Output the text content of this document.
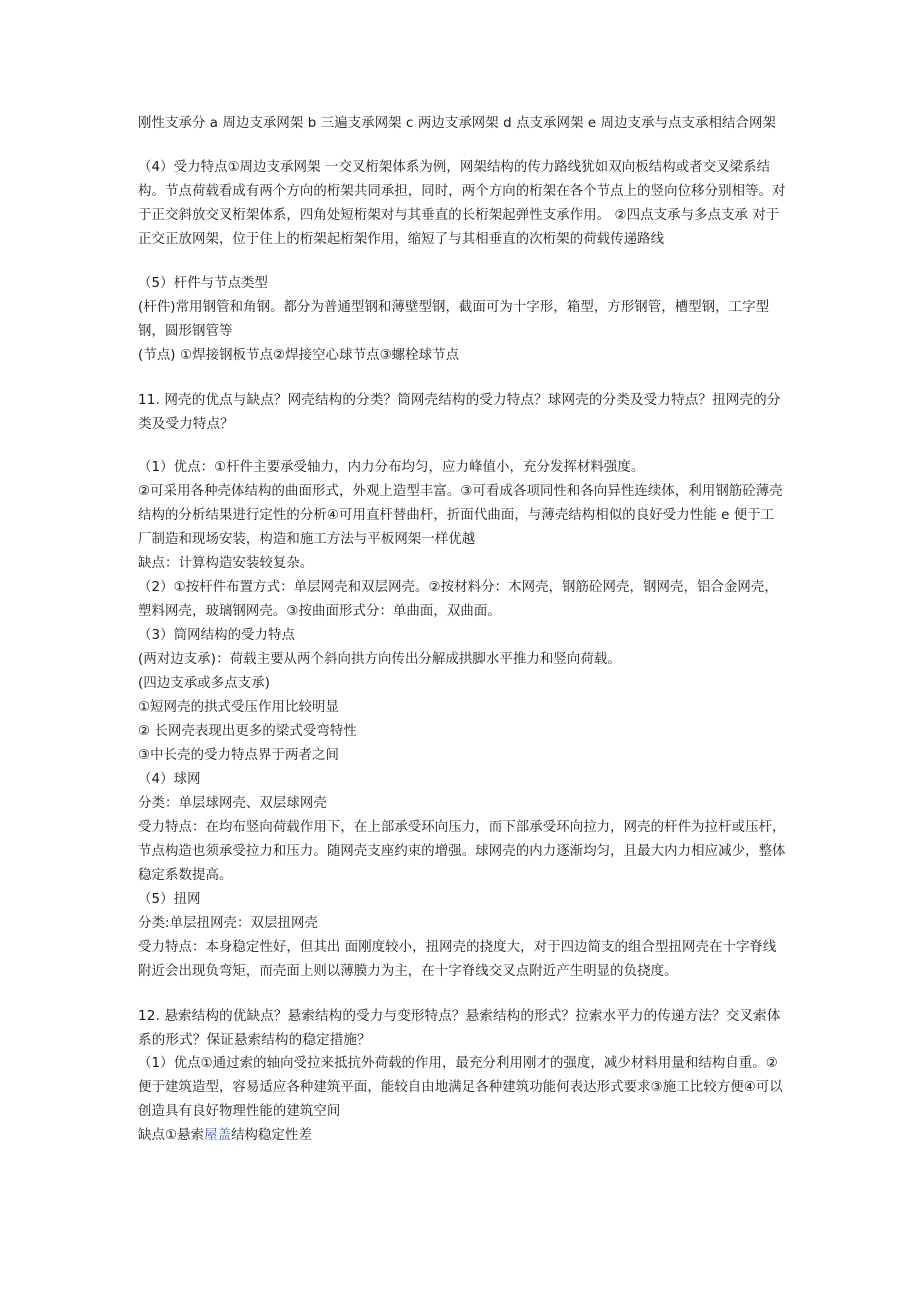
刚性支承分 a 周边支承网架 b 三遍支承网架 c 两边支承网架 d 点支承网架 e 周边支承与点支承相结合网架

（4）受力特点①周边支承网架 一交叉桁架体系为例，网架结构的传力路线犹如双向板结构或者交叉梁系结构。节点荷载看成有两个方向的桁架共同承担，同时，两个方向的桁架在各个节点上的竖向位移分别相等。对于正交斜放交叉桁架体系，四角处短桁架对与其垂直的长桁架起弹性支承作用。 ②四点支承与多点支承 对于正交正放网架，位于住上的桁架起桁架作用，缩短了与其相垂直的次桁架的荷载传递路线

（5）杆件与节点类型

(杆件)常用钢管和角钢。都分为普通型钢和薄壁型钢，截面可为十字形，箱型，方形钢管，槽型钢，工字型钢，圆形钢管等

(节点) ①焊接钢板节点②焊接空心球节点③螺栓球节点

11. 网壳的优点与缺点？网壳结构的分类？筒网壳结构的受力特点？球网壳的分类及受力特点？扭网壳的分类及受力特点？

（1）优点：①杆件主要承受轴力，内力分布均匀，应力峰值小，充分发挥材料强度。

②可采用各种壳体结构的曲面形式，外观上造型丰富。③可看成各项同性和各向异性连续体，利用钢筋砼薄壳结构的分析结果进行定性的分析④可用直杆替曲杆，折面代曲面，与薄壳结构相似的良好受力性能 e 便于工厂制造和现场安装，构造和施工方法与平板网架一样优越

缺点：计算构造安装较复杂。

（2）①按杆件布置方式：单层网壳和双层网壳。②按材料分：木网壳，钢筋砼网壳，钢网壳，铝合金网壳，塑料网壳，玻璃钢网壳。③按曲面形式分：单曲面，双曲面。

（3）筒网结构的受力特点

(两对边支承)：荷载主要从两个斜向拱方向传出分解成拱脚水平推力和竖向荷载。

(四边支承或多点支承)

①短网壳的拱式受压作用比较明显

② 长网壳表现出更多的梁式受弯特性

③中长壳的受力特点界于两者之间

（4）球网

分类：单层球网壳、双层球网壳

受力特点：在均布竖向荷载作用下，在上部承受环向压力，而下部承受环向拉力，网壳的杆件为拉杆或压杆，节点构造也须承受拉力和压力。随网壳支座约束的增强。球网壳的内力逐渐均匀，且最大内力相应减少，整体稳定系数提高。

（5）扭网

分类:单层扭网壳：双层扭网壳

受力特点：本身稳定性好，但其出 面刚度较小，扭网壳的挠度大，对于四边简支的组合型扭网壳在十字脊线附近会出现负弯矩，而壳面上则以薄膜力为主，在十字脊线交叉点附近产生明显的负挠度。

12. 悬索结构的优缺点？悬索结构的受力与变形特点？悬索结构的形式？拉索水平力的传递方法？交叉索体系的形式？保证悬索结构的稳定措施？

（1）优点①通过索的轴向受拉来抵抗外荷载的作用，最充分利用刚才的强度，减少材料用量和结构自重。②便于建筑造型，容易适应各种建筑平面，能较自由地满足各种建筑功能何表达形式要求③施工比较方便④可以创造具有良好物理性能的建筑空间

缺点①悬索屋盖结构稳定性差
